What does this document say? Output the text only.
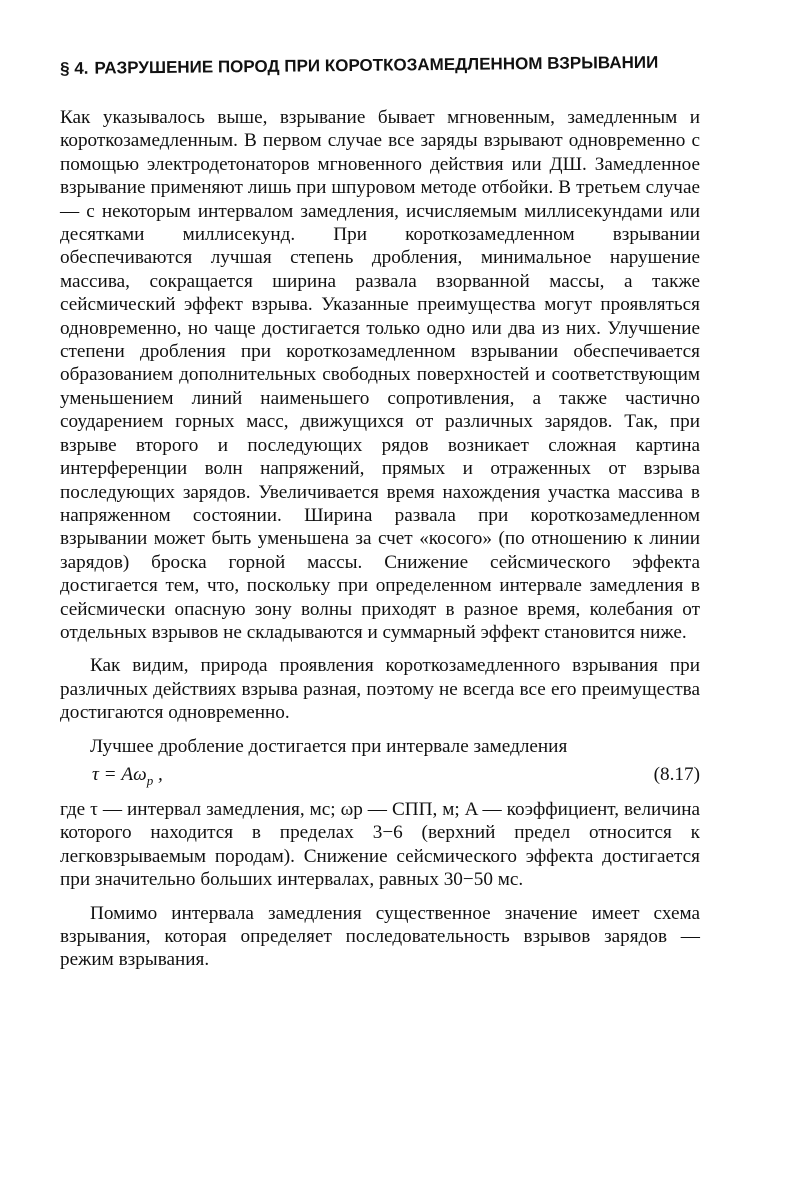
§ 4. РАЗРУШЕНИЕ ПОРОД ПРИ КОРОТКОЗАМЕДЛЕННОМ ВЗРЫВАНИИ

Как указывалось выше, взрывание бывает мгновенным, замедленным и короткозамедленным. В первом случае все заряды взрывают одновременно с помощью электродетонаторов мгновенного действия или ДШ. Замедленное взрывание применяют лишь при шпуровом методе отбойки. В третьем случае — с некоторым интервалом замедления, исчисляемым миллисекундами или десятками миллисекунд. При короткозамедленном взрывании обеспечиваются лучшая степень дробления, минимальное нарушение массива, сокращается ширина развала взорванной массы, а также сейсмический эффект взрыва. Указанные преимущества могут проявляться одновременно, но чаще достигается только одно или два из них. Улучшение степени дробления при короткозамедленном взрывании обеспечивается образованием дополнительных свободных поверхностей и соответствующим уменьшением линий наименьшего сопротивления, а также частично соударением горных масс, движущихся от различных зарядов. Так, при взрыве второго и последующих рядов возникает сложная картина интерференции волн напряжений, прямых и отраженных от взрыва последующих зарядов. Увеличивается время нахождения участка массива в напряженном состоянии. Ширина развала при короткозамедленном взрывании может быть уменьшена за счет «косого» (по отношению к линии зарядов) броска горной массы. Снижение сейсмического эффекта достигается тем, что, поскольку при определенном интервале замедления в сейсмически опасную зону волны приходят в разное время, колебания от отдельных взрывов не складываются и суммарный эффект становится ниже.

Как видим, природа проявления короткозамедленного взрывания при различных действиях взрыва разная, поэтому не всегда все его преимущества достигаются одновременно.

Лучшее дробление достигается при интервале замедления

$\tau = A\omega_p$ ,	(8.17)

где τ — интервал замедления, мс; ωp — СПП, м; A — коэффициент, величина которого находится в пределах 3−6 (верхний предел относится к легковзрываемым породам). Снижение сейсмического эффекта достигается при значительно больших интервалах, равных 30−50 мс.

Помимо интервала замедления существенное значение имеет схема взрывания, которая определяет последовательность взрывов зарядов — режим взрывания.
